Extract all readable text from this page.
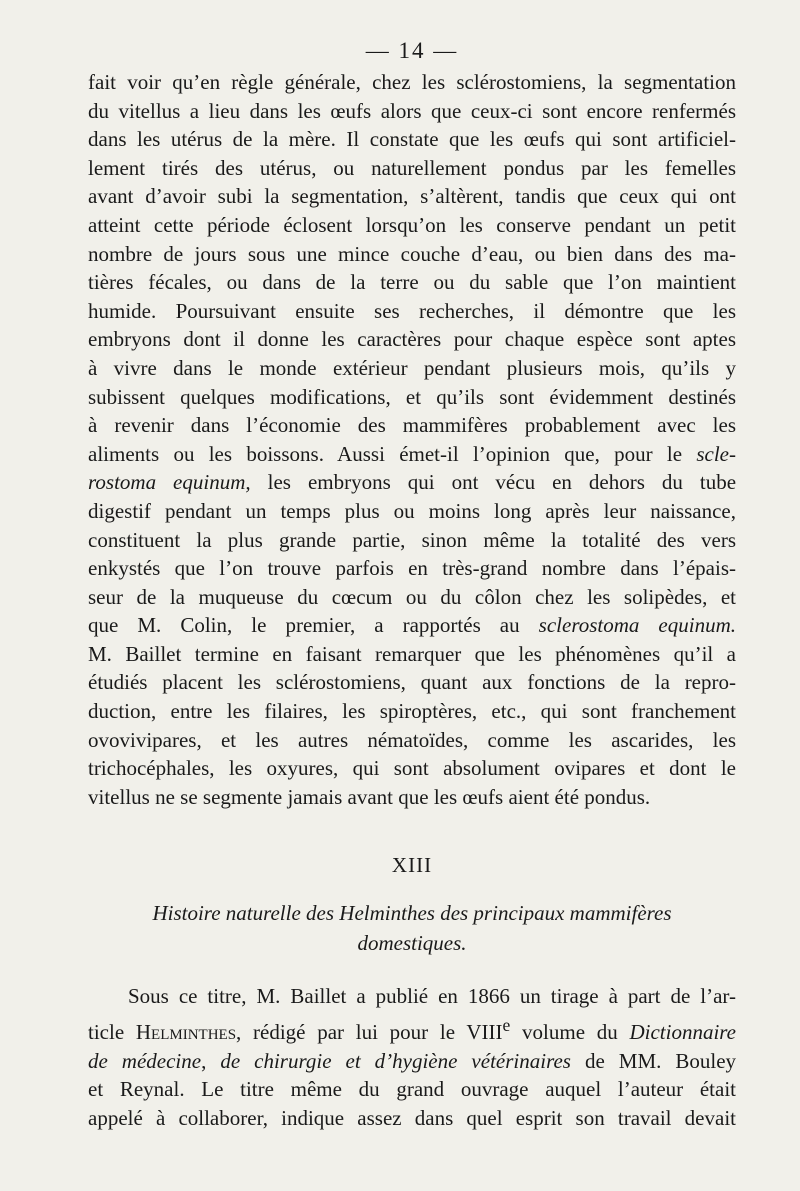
— 14 —

fait voir qu’en règle générale, chez les sclérostomiens, la segmentation
du vitellus a lieu dans les œufs alors que ceux-ci sont encore renfermés
dans les utérus de la mère. Il constate que les œufs qui sont artificiel-
lement tirés des utérus, ou naturellement pondus par les femelles
avant d’avoir subi la segmentation, s’altèrent, tandis que ceux qui ont
atteint cette période éclosent lorsqu’on les conserve pendant un petit
nombre de jours sous une mince couche d’eau, ou bien dans des ma-
tières fécales, ou dans de la terre ou du sable que l’on maintient
humide. Poursuivant ensuite ses recherches, il démontre que les
embryons dont il donne les caractères pour chaque espèce sont aptes
à vivre dans le monde extérieur pendant plusieurs mois, qu’ils y
subissent quelques modifications, et qu’ils sont évidemment destinés
à revenir dans l’économie des mammifères probablement avec les
aliments ou les boissons. Aussi émet-il l’opinion que, pour le scle-
rostoma equinum, les embryons qui ont vécu en dehors du tube
digestif pendant un temps plus ou moins long après leur naissance,
constituent la plus grande partie, sinon même la totalité des vers
enkystés que l’on trouve parfois en très-grand nombre dans l’épais-
seur de la muqueuse du cœcum ou du côlon chez les solipèdes, et
que M. Colin, le premier, a rapportés au sclerostoma equinum.
M. Baillet termine en faisant remarquer que les phénomènes qu’il a
étudiés placent les sclérostomiens, quant aux fonctions de la repro-
duction, entre les filaires, les spiroptères, etc., qui sont franchement
ovovivipares, et les autres nématoïdes, comme les ascarides, les
trichocéphales, les oxyures, qui sont absolument ovipares et dont le
vitellus ne se segmente jamais avant que les œufs aient été pondus.

XIII
Histoire naturelle des Helminthes des principaux mammifères
domestiques.

Sous ce titre, M. Baillet a publié en 1866 un tirage à part de l’ar-
ticle Helminthes, rédigé par lui pour le VIIIe volume du Dictionnaire
de médecine, de chirurgie et d’hygiène vétérinaires de MM. Bouley
et Reynal. Le titre même du grand ouvrage auquel l’auteur était
appelé à collaborer, indique assez dans quel esprit son travail devait
